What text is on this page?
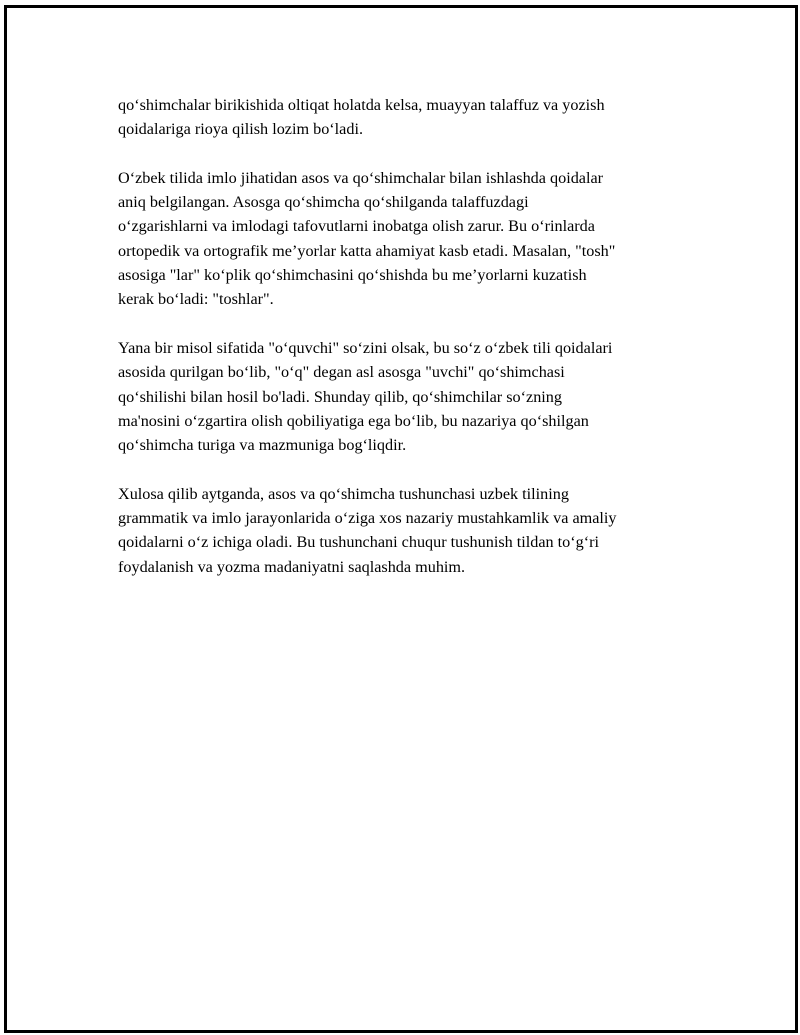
qo‘shimchalar birikishida oltiqat holatda kelsa, muayyan talaffuz va yozish
qoidalariga rioya qilish lozim bo‘ladi.

O‘zbek tilida imlo jihatidan asos va qo‘shimchalar bilan ishlashda qoidalar
aniq belgilangan. Asosga qo‘shimcha qo‘shilganda talaffuzdagi
o‘zgarishlarni va imlodagi tafovutlarni inobatga olish zarur. Bu o‘rinlarda
ortopedik va ortografik me’yorlar katta ahamiyat kasb etadi. Masalan, "tosh"
asosiga "lar" ko‘plik qo‘shimchasini qo‘shishda bu me’yorlarni kuzatish
kerak bo‘ladi: "toshlar".

Yana bir misol sifatida "o‘quvchi" so‘zini olsak, bu so‘z o‘zbek tili qoidalari
asosida qurilgan bo‘lib, "o‘q" degan asl asosga "uvchi" qo‘shimchasi
qo‘shilishi bilan hosil bo'ladi. Shunday qilib, qo‘shimchilar so‘zning
ma'nosini o‘zgartira olish qobiliyatiga ega bo‘lib, bu nazariya qo‘shilgan
qo‘shimcha turiga va mazmuniga bog‘liqdir.

Xulosa qilib aytganda, asos va qo‘shimcha tushunchasi uzbek tilining
grammatik va imlo jarayonlarida o‘ziga xos nazariy mustahkamlik va amaliy
qoidalarni o‘z ichiga oladi. Bu tushunchani chuqur tushunish tildan to‘g‘ri
foydalanish va yozma madaniyatni saqlashda muhim.
